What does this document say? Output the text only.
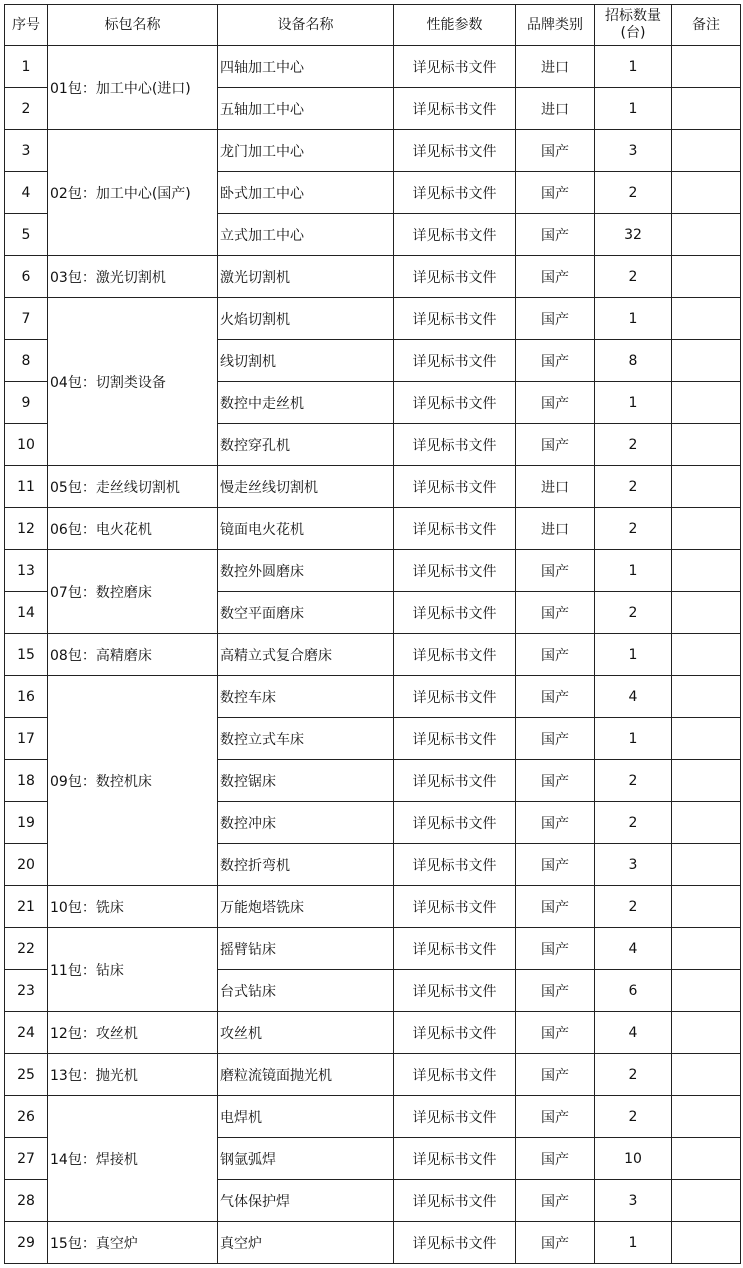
序号	标包名称	设备名称	性能参数	品牌类别	招标数量(台)	备注
1	01包：加工中心(进口)	四轴加工中心	详见标书文件	进口	1	
2		五轴加工中心	详见标书文件	进口	1	
3	02包：加工中心(国产)	龙门加工中心	详见标书文件	国产	3	
4		卧式加工中心	详见标书文件	国产	2	
5		立式加工中心	详见标书文件	国产	32	
6	03包：激光切割机	激光切割机	详见标书文件	国产	2	
7	04包：切割类设备	火焰切割机	详见标书文件	国产	1	
8		线切割机	详见标书文件	国产	8	
9		数控中走丝机	详见标书文件	国产	1	
10		数控穿孔机	详见标书文件	国产	2	
11	05包：走丝线切割机	慢走丝线切割机	详见标书文件	进口	2	
12	06包：电火花机	镜面电火花机	详见标书文件	进口	2	
13	07包：数控磨床	数控外圆磨床	详见标书文件	国产	1	
14		数空平面磨床	详见标书文件	国产	2	
15	08包：高精磨床	高精立式复合磨床	详见标书文件	国产	1	
16	09包：数控机床	数控车床	详见标书文件	国产	4	
17		数控立式车床	详见标书文件	国产	1	
18		数控锯床	详见标书文件	国产	2	
19		数控冲床	详见标书文件	国产	2	
20		数控折弯机	详见标书文件	国产	3	
21	10包：铣床	万能炮塔铣床	详见标书文件	国产	2	
22	11包：钻床	摇臂钻床	详见标书文件	国产	4	
23		台式钻床	详见标书文件	国产	6	
24	12包：攻丝机	攻丝机	详见标书文件	国产	4	
25	13包：抛光机	磨粒流镜面抛光机	详见标书文件	国产	2	
26	14包：焊接机	电焊机	详见标书文件	国产	2	
27		钢氩弧焊	详见标书文件	国产	10	
28		气体保护焊	详见标书文件	国产	3	
29	15包：真空炉	真空炉	详见标书文件	国产	1	
